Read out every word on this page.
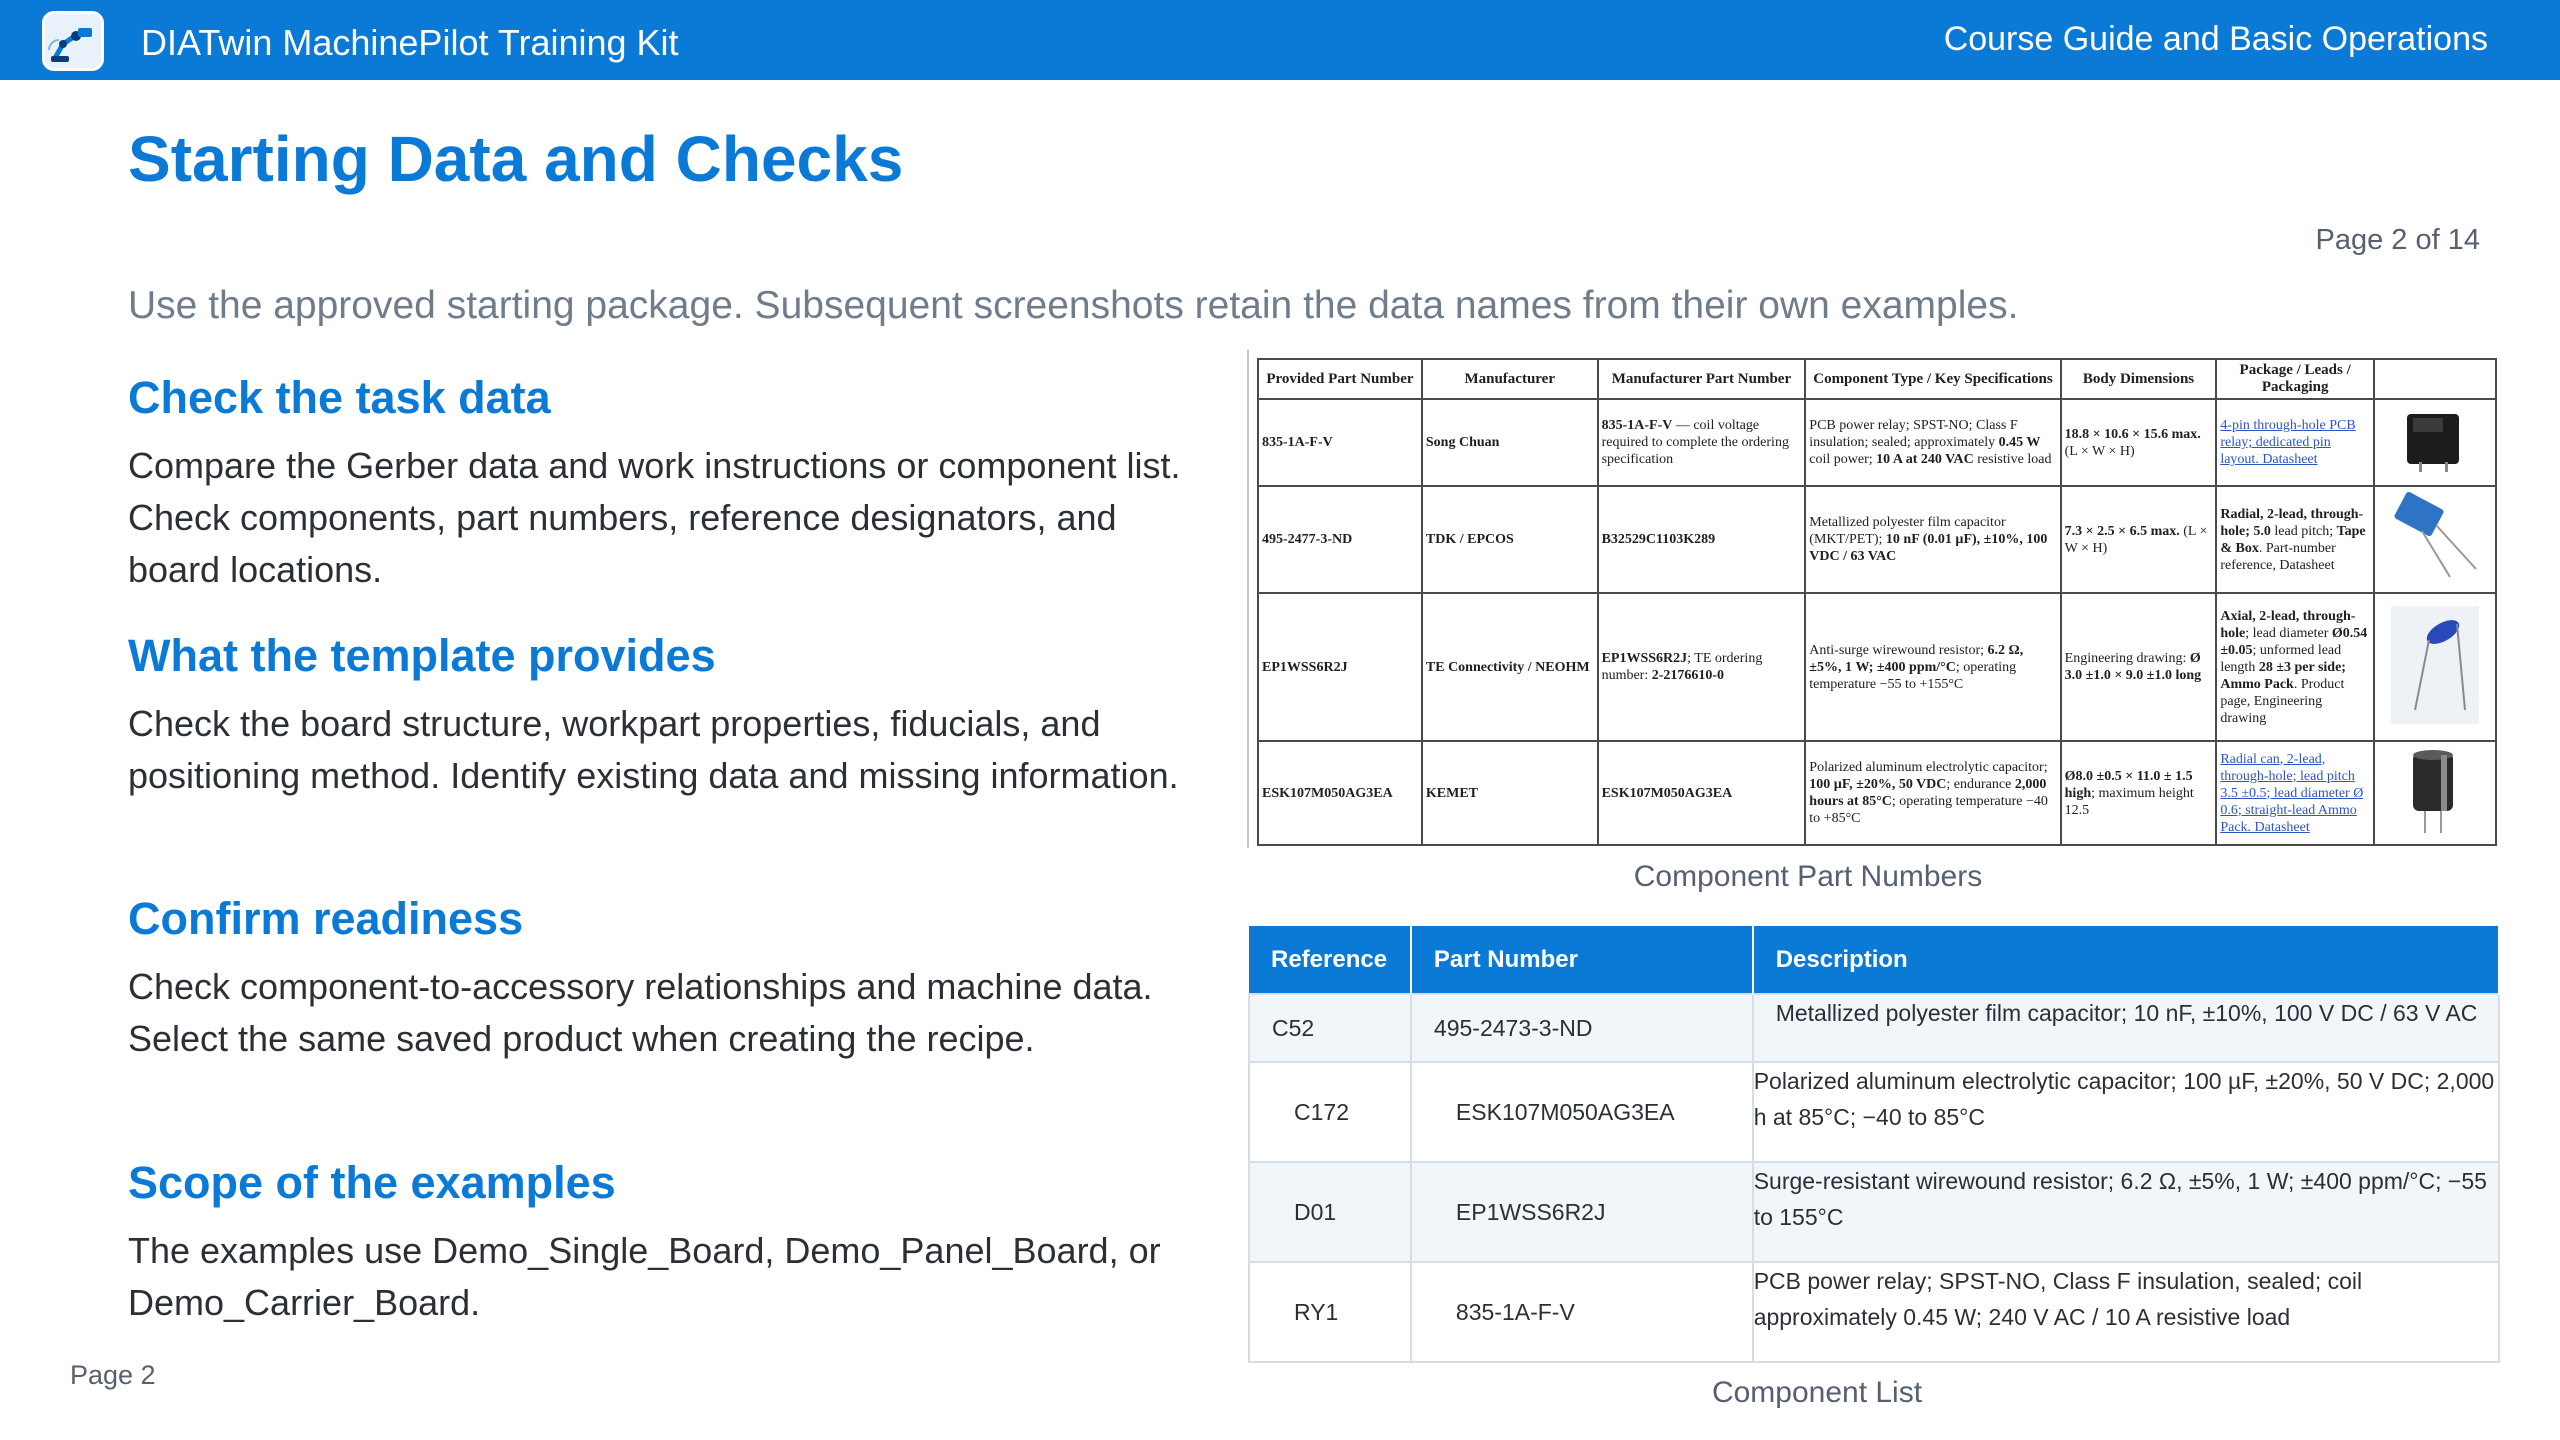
DIATwin MachinePilot Training Kit	Course Guide and Basic Operations
Starting Data and Checks
Page 2 of 14
Use the approved starting package. Subsequent screenshots retain the data names from their own examples.
Check the task data

Compare the Gerber data and work instructions or component list. Check components, part numbers, reference designators, and board locations.

What the template provides

Check the board structure, workpart properties, fiducials, and positioning method. Identify existing data and missing information.

Confirm readiness

Check component-to-accessory relationships and machine data. Select the same saved product when creating the recipe.

Scope of the examples

The examples use Demo_Single_Board, Demo_Panel_Board, or Demo_Carrier_Board.

Page 2
Provided Part Number	Manufacturer	Manufacturer Part Number	Component Type / Key Specifications	Body Dimensions	Package / Leads / Packaging	
835-1A-F-V	Song Chuan	835-1A-F-V — coil voltage required to complete the ordering specification	PCB power relay; SPST-NO; Class F insulation; sealed; approximately 0.45 W coil power; 10 A at 240 VAC resistive load	18.8 × 10.6 × 15.6 max. (L × W × H)	4-pin through-hole PCB relay; dedicated pin layout. Datasheet	
495-2477-3-ND	TDK / EPCOS	B32529C1103K289	Metallized polyester film capacitor (MKT/PET); 10 nF (0.01 µF), ±10%, 100 VDC / 63 VAC	7.3 × 2.5 × 6.5 max. (L × W × H)	Radial, 2-lead, through-hole; 5.0 lead pitch; Tape & Box. Part-number reference, Datasheet	
EP1WSS6R2J	TE Connectivity / NEOHM	EP1WSS6R2J; TE ordering number: 2-2176610-0	Anti-surge wirewound resistor; 6.2 Ω, ±5%, 1 W; ±400 ppm/°C; operating temperature −55 to +155°C	Engineering drawing: Ø 3.0 ±1.0 × 9.0 ±1.0 long	Axial, 2-lead, through-hole; lead diameter Ø0.54 ±0.05; unformed lead length 28 ±3 per side; Ammo Pack. Product page, Engineering drawing	
ESK107M050AG3EA	KEMET	ESK107M050AG3EA	Polarized aluminum electrolytic capacitor; 100 µF, ±20%, 50 VDC; endurance 2,000 hours at 85°C; operating temperature −40 to +85°C	Ø8.0 ±0.5 × 11.0 ± 1.5 high; maximum height 12.5	Radial can, 2-lead, through-hole; lead pitch 3.5 ±0.5; lead diameter Ø 0.6; straight-lead Ammo Pack. Datasheet	
Component Part Numbers
Reference	Part Number	Description
C52	495-2473-3-ND	Metallized polyester film capacitor; 10 nF, ±10%, 100 V DC / 63 V AC
C172	ESK107M050AG3EA	Polarized aluminum electrolytic capacitor; 100 µF, ±20%, 50 V DC; 2,000 h at 85°C; −40 to 85°C
D01	EP1WSS6R2J	Surge-resistant wirewound resistor; 6.2 Ω, ±5%, 1 W; ±400 ppm/°C; −55 to 155°C
RY1	835-1A-F-V	PCB power relay; SPST-NO, Class F insulation, sealed; coil approximately 0.45 W; 240 V AC / 10 A resistive load
Component List
